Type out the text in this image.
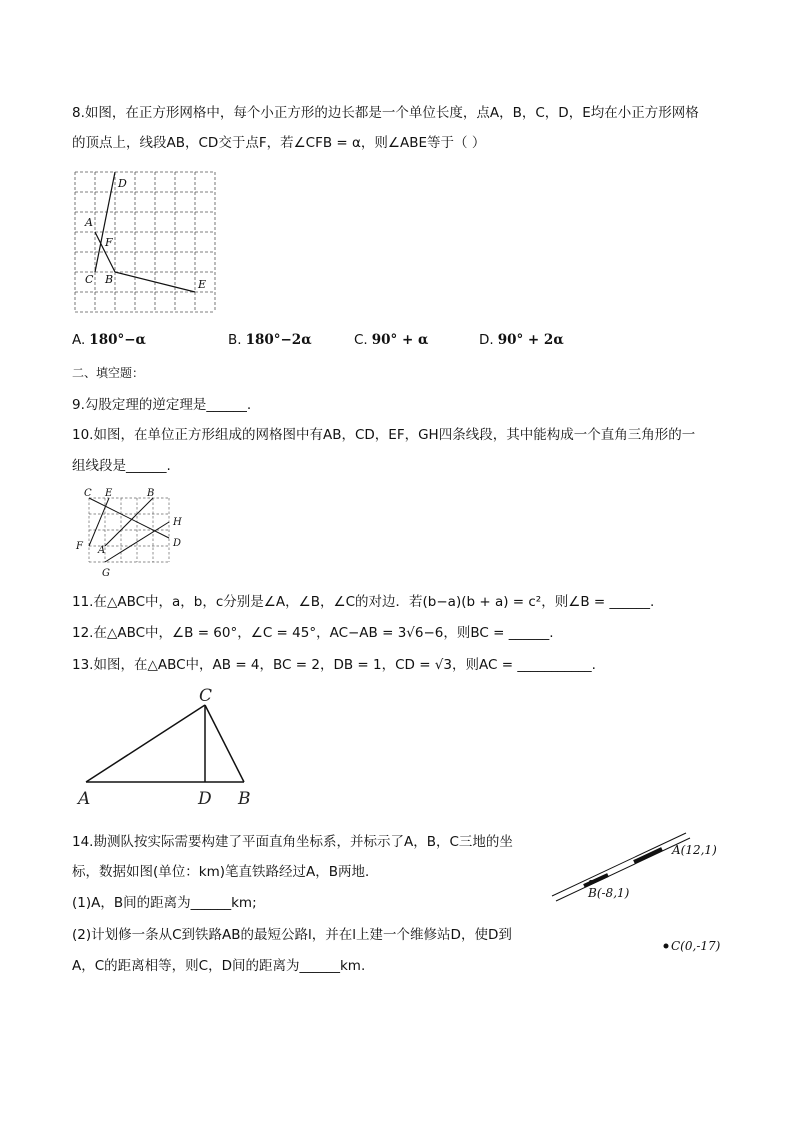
8.如图，在正方形网格中，每个小正方形的边长都是一个单位长度，点A，B，C，D，E均在小正方形网格
的顶点上，线段AB，CD交于点F，若∠CFB = α，则∠ABE等于（ ）
D
A
F
C B	E
A. 180°−α	B. 180°−2α	C. 90° + α	D. 90° + 2α
二、填空题：
9.勾股定理的逆定理是______.
10.如图，在单位正方形组成的网格图中有AB，CD，EF，GH四条线段，其中能构成一个直角三角形的一
组线段是______.
C E	B
H
D
F A
G
11.在△ABC中，a，b，c分别是∠A，∠B，∠C的对边．若(b−a)(b + a) = c²，则∠B = ______.
12.在△ABC中，∠B = 60°，∠C = 45°，AC−AB = 3√6−6，则BC = ______.
13.如图，在△ABC中，AB = 4，BC = 2，DB = 1，CD = √3，则AC = ___________.
C
A	D B
14.勘测队按实际需要构建了平面直角坐标系，并标示了A，B，C三地的坐
标，数据如图(单位：km)笔直铁路经过A，B两地．
(1)A，B间的距离为______km;
(2)计划修一条从C到铁路AB的最短公路l，并在l上建一个维修站D，使D到
A，C的距离相等，则C，D间的距离为______km.
A(12,1)
B(-8,1)
C(0,-17)
